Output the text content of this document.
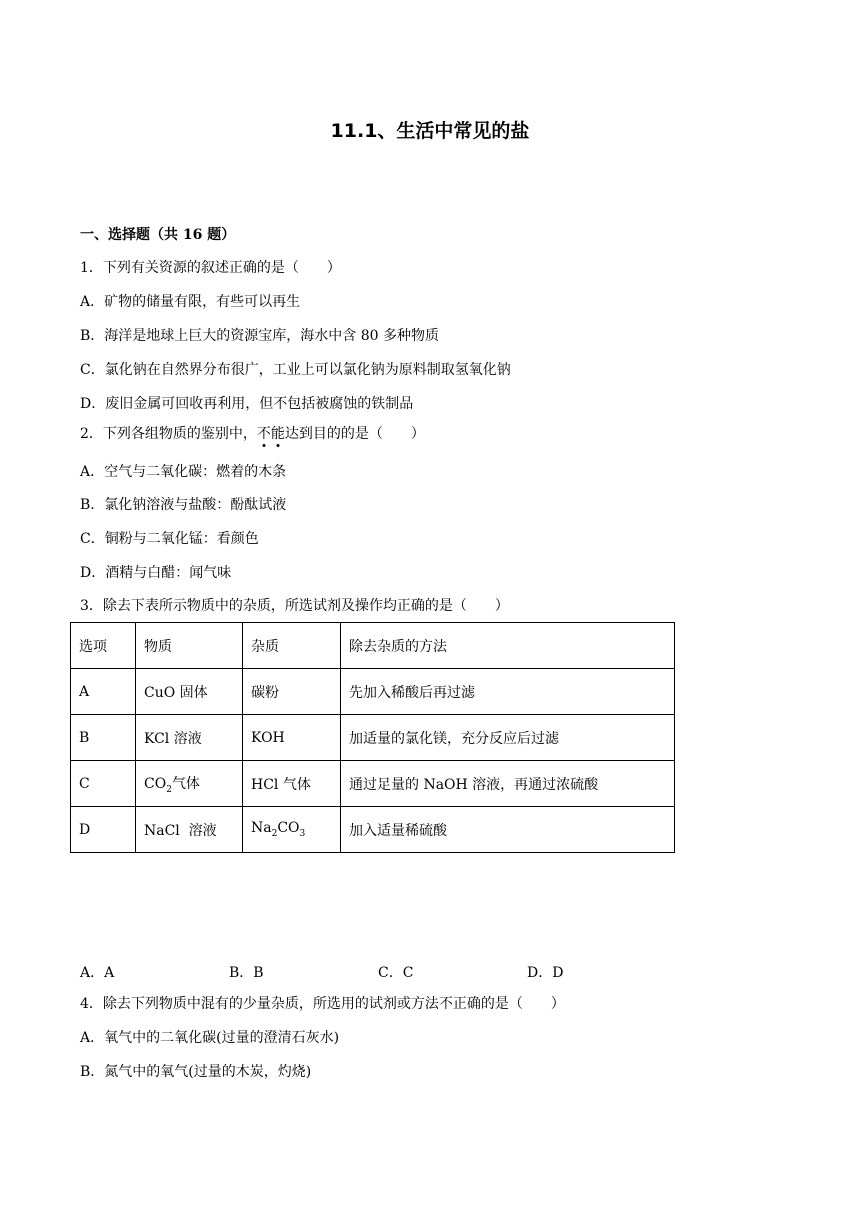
11.1、生活中常见的盐
一、选择题（共 16 题）
1．下列有关资源的叙述正确的是（　　）
A．矿物的储量有限，有些可以再生
B．海洋是地球上巨大的资源宝库，海水中含 80 多种物质
C．氯化钠在自然界分布很广，工业上可以氯化钠为原料制取氢氧化钠
D．废旧金属可回收再利用，但不包括被腐蚀的铁制品
2．下列各组物质的鉴别中，不能达到目的的是（　　）
A．空气与二氧化碳：燃着的木条
B．氯化钠溶液与盐酸：酚酞试液
C．铜粉与二氧化锰：看颜色
D．酒精与白醋：闻气味
3．除去下表所示物质中的杂质，所选试剂及操作均正确的是（　　）
选项	物质	杂质	除去杂质的方法
A	CuO 固体	碳粉	先加入稀酸后再过滤
B	KCl 溶液	KOH	加适量的氯化镁，充分反应后过滤
C	$CO_2$气体	HCl 气体	通过足量的 NaOH 溶液，再通过浓硫酸
D	NaCl  溶液	$Na_2CO_3$	加入适量稀硫酸
A．A	B．B	C．C	D．D
4．除去下列物质中混有的少量杂质，所选用的试剂或方法不正确的是（　　）
A．氧气中的二氧化碳(过量的澄清石灰水)
B．氮气中的氧气(过量的木炭，灼烧)
